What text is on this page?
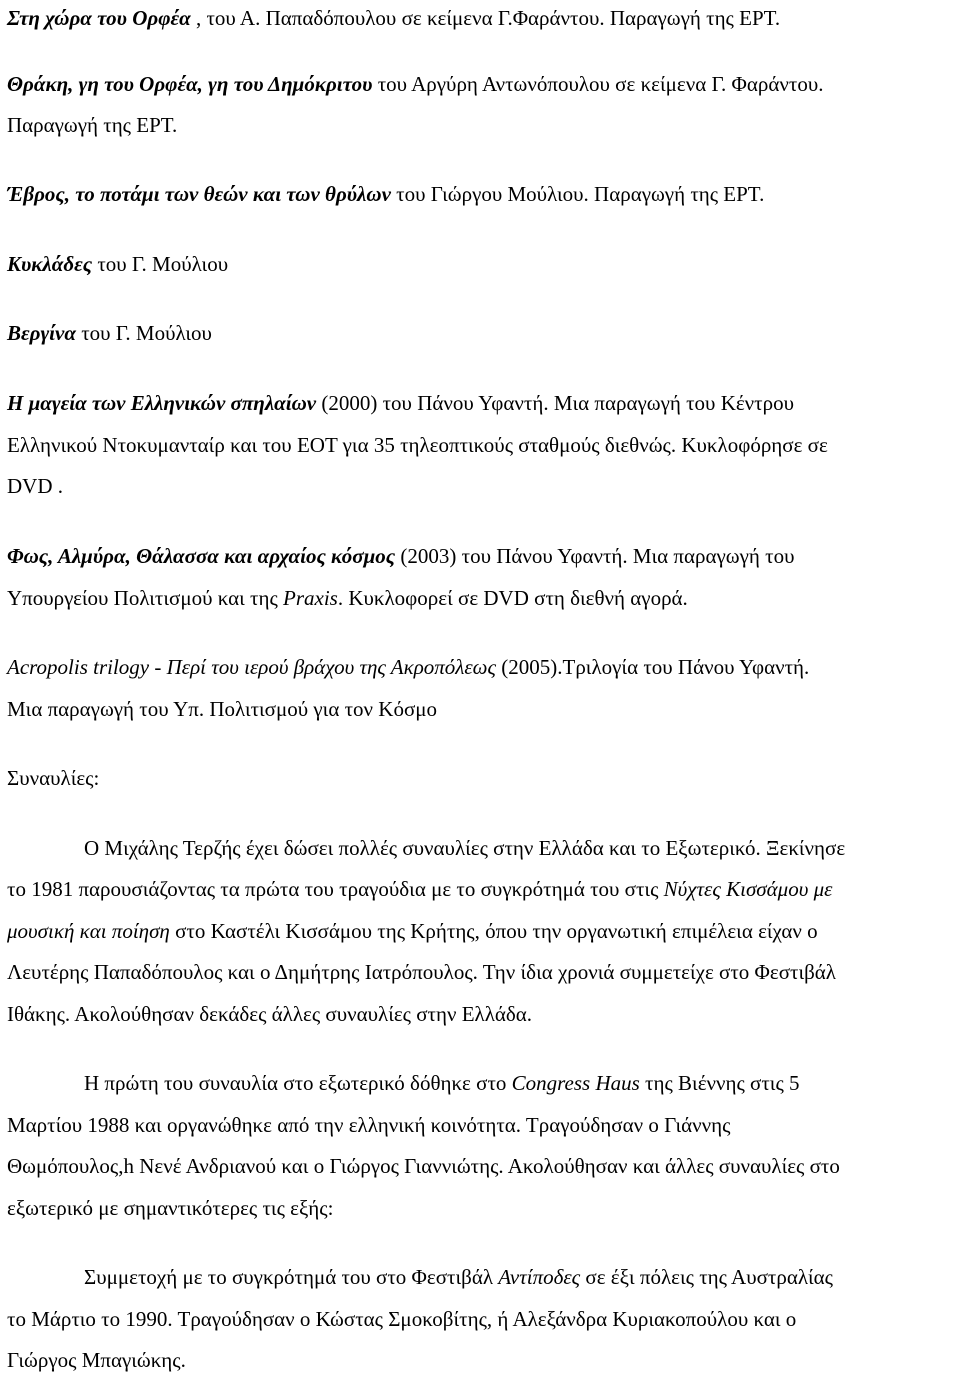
Στη χώρα του Ορφέα , του Α. Παπαδόπουλου σε κείμενα Γ.Φαράντου. Παραγωγή της ΕΡΤ.
Θράκη, γη του Ορφέα, γη του Δημόκριτου του Αργύρη Αντωνόπουλου σε κείμενα Γ. Φαράντου.
Παραγωγή της ΕΡΤ.
Έβρος, το ποτάμι των θεών και των θρύλων του Γιώργου Μούλιου. Παραγωγή της ΕΡΤ.
Κυκλάδες του Γ. Μούλιου
Βεργίνα του Γ. Μούλιου
Η μαγεία των Ελληνικών σπηλαίων (2000) του Πάνου Υφαντή. Μια παραγωγή του Κέντρου
Ελληνικού Ντοκυμανταίρ και του ΕΟΤ για 35 τηλεοπτικούς σταθμούς διεθνώς. Κυκλοφόρησε σε
DVD .
Φως, Αλμύρα, Θάλασσα και αρχαίος κόσμος (2003) του Πάνου Υφαντή. Μια παραγωγή του
Υπουργείου Πολιτισμού και της Praxis. Κυκλοφορεί σε DVD στη διεθνή αγορά.
Acropolis trilogy - Περί του ιερού βράχου της Ακροπόλεως (2005).Τριλογία του Πάνου Υφαντή.
Μια παραγωγή του Υπ. Πολιτισμού για τον Κόσμο
Συναυλίες:
Ο Μιχάλης Τερζής έχει δώσει πολλές συναυλίες στην Ελλάδα και το Εξωτερικό. Ξεκίνησε
το 1981 παρουσιάζοντας τα πρώτα του τραγούδια με το συγκρότημά του στις Νύχτες Κισσάμου με
μουσική και ποίηση στο Καστέλι Κισσάμου της Κρήτης, όπου την οργανωτική επιμέλεια είχαν ο
Λευτέρης Παπαδόπουλος και ο Δημήτρης Ιατρόπουλος. Την ίδια χρονιά συμμετείχε στο Φεστιβάλ
Ιθάκης. Ακολούθησαν δεκάδες άλλες συναυλίες στην Ελλάδα.
Η πρώτη του συναυλία στο εξωτερικό δόθηκε στο Congress Haus της Βιέννης στις 5
Μαρτίου 1988 και οργανώθηκε από την ελληνική κοινότητα. Τραγούδησαν ο Γιάννης
Θωμόπουλος,h Νενέ Ανδριανού και ο Γιώργος Γιαννιώτης. Ακολούθησαν και άλλες συναυλίες στο
εξωτερικό με σημαντικότερες τις εξής:
Συμμετοχή με το συγκρότημά του στο Φεστιβάλ Αντίποδες σε έξι πόλεις της Αυστραλίας
το Μάρτιο το 1990. Τραγούδησαν ο Κώστας Σμοκοβίτης, ή Αλεξάνδρα Κυριακοπούλου και ο
Γιώργος Μπαγιώκης.
